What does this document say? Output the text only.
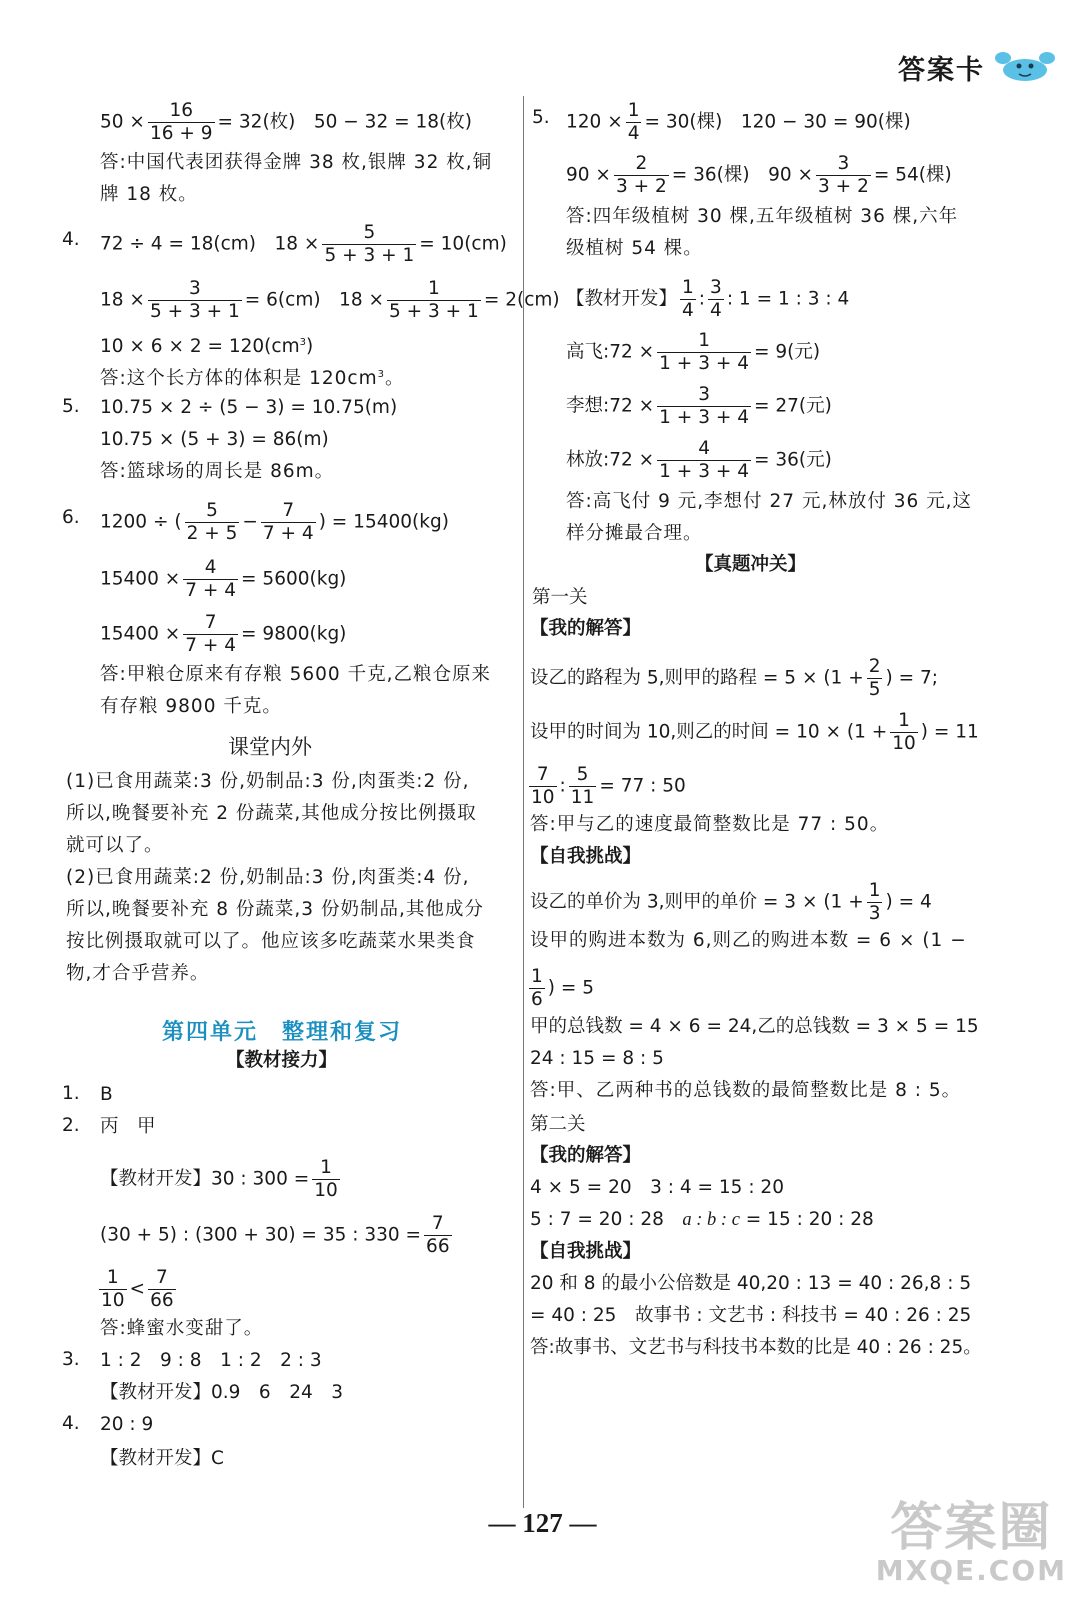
答案卡
$50 \times \frac{16}{16 + 9} = 32$(枚)　50 − 32 = 18(枚)
答:中国代表团获得金牌 38 枚,银牌 32 枚,铜
牌 18 枚。
4. 72 ÷ 4 = 18(cm)　$18 \times \frac{5}{5 + 3 + 1} = 10(cm)$
$18 \times \frac{3}{5 + 3 + 1} = 6(cm)$　$18 \times \frac{1}{5 + 3 + 1} = 2(cm)$
$10 \times 6 \times 2 = 120(cm^3)$
答:这个长方体的体积是 $120cm^3$。
5. 10.75 × 2 ÷ (5 − 3) = 10.75(m)
10.75 × (5 + 3) = 86(m)
答:篮球场的周长是 86m。
6. 1200 ÷ ( $\frac{5}{2 + 5} - \frac{7}{7 + 4}$ ) = 15400(kg)
$15400 \times \frac{4}{7 + 4} = 5600(kg)$
$15400 \times \frac{7}{7 + 4} = 9800(kg)$
答:甲粮仓原来有存粮 5600 千克,乙粮仓原来
有存粮 9800 千克。
课堂内外
(1)已食用蔬菜:3 份,奶制品:3 份,肉蛋类:2 份,
所以,晚餐要补充 2 份蔬菜,其他成分按比例摄取
就可以了。
(2)已食用蔬菜:2 份,奶制品:3 份,肉蛋类:4 份,
所以,晚餐要补充 8 份蔬菜,3 份奶制品,其他成分
按比例摄取就可以了。他应该多吃蔬菜水果类食
物,才合乎营养。
第四单元　整理和复习
【教材接力】
1. B
2. 丙　甲
【教材开发】30 : $300 = \frac{1}{10}$
(30 + 5) : (300 + 30) = 35 : $330 = \frac{7}{66}$
$\frac{1}{10} < \frac{7}{66}$
答:蜂蜜水变甜了。
3. 1 : 2　9 : 8　1 : 2　2 : 3
【教材开发】0.9　6　24　3
4. 20 : 9
【教材开发】C
5. $120 \times \frac{1}{4} = 30$(棵)　120 − 30 = 90(棵)
$90 \times \frac{2}{3 + 2} = 36$(棵)　$90 \times \frac{3}{3 + 2} = 54$(棵)
答:四年级植树 30 棵,五年级植树 36 棵,六年
级植树 54 棵。
【教材开发】 $\frac{1}{4}$ : $\frac{3}{4}$ : 1 = 1 : 3 : 4
高飞:72 × $\frac{1}{1 + 3 + 4} = 9$(元)
李想:72 × $\frac{3}{1 + 3 + 4} = 27$(元)
林放:72 × $\frac{4}{1 + 3 + 4} = 36$(元)
答:高飞付 9 元,李想付 27 元,林放付 36 元,这
样分摊最合理。
【真题冲关】
第一关
【我的解答】
设乙的路程为 5,则甲的路程 = $5 \times (1 + \frac{2}{5}$ ) = 7;
设甲的时间为 10,则乙的时间 = $10 \times (1 + \frac{1}{10}$ ) = 11
$\frac{7}{10}$ : $\frac{5}{11} = 77$ : 50
答:甲与乙的速度最简整数比是 77 : 50。
【自我挑战】
设乙的单价为 3,则甲的单价 = $3 \times (1 + \frac{1}{3}$ ) = 4
设甲的购进本数为 6,则乙的购进本数 = 6 × (1 −
$\frac{1}{6}$ ) = 5
甲的总钱数 = 4 × 6 = 24,乙的总钱数 = 3 × 5 = 15
24 : 15 = 8 : 5
答:甲、乙两种书的总钱数的最简整数比是 8 : 5。
第二关
【我的解答】
4 × 5 = 20　3 : 4 = 15 : 20
5 : 7 = 20 : 28　a : b : c = 15 : 20 : 28
【自我挑战】
20 和 8 的最小公倍数是 40,20 : 13 = 40 : 26,8 : 5
= 40 : 25　故事书 : 文艺书 : 科技书 = 40 : 26 : 25
答:故事书、文艺书与科技书本数的比是 40 : 26 : 25。
— 127 —	答案圈
MXQE.COM
